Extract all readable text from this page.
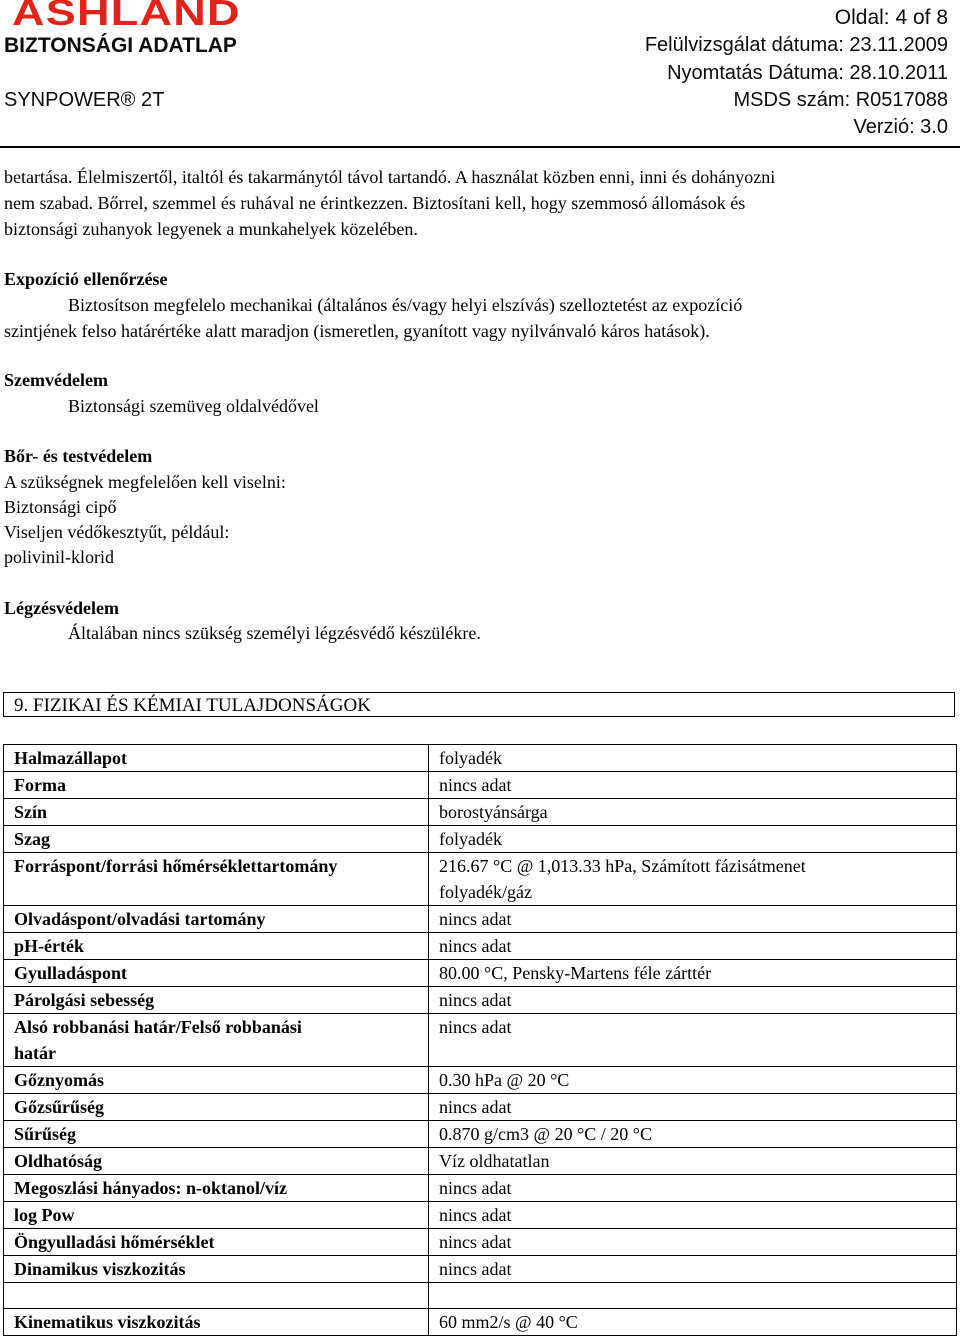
ASHLAND	Oldal: 4 of 8
BIZTONSÁGI ADATLAP	Felülvizsgálat dátuma: 23.11.2009
Nyomtatás Dátuma: 28.10.2011
SYNPOWER® 2T	MSDS szám: R0517088
Verzió: 3.0
betartása. Élelmiszertől, italtól és takarmánytól távol tartandó. A használat közben enni, inni és dohányozni
nem szabad. Bőrrel, szemmel és ruhával ne érintkezzen. Biztosítani kell, hogy szemmosó állomások és
biztonsági zuhanyok legyenek a munkahelyek közelében.
Expozíció ellenőrzése
Biztosítson megfelelo mechanikai (általános és/vagy helyi elszívás) szelloztetést az expozíció
szintjének felso határértéke alatt maradjon (ismeretlen, gyanított vagy nyilvánvaló káros hatások).
Szemvédelem
Biztonsági szemüveg oldalvédővel
Bőr- és testvédelem
A szükségnek megfelelően kell viselni:
Biztonsági cipő
Viseljen védőkesztyűt, például:
polivinil-klorid
Légzésvédelem
Általában nincs szükség személyi légzésvédő készülékre.
9. FIZIKAI ÉS KÉMIAI TULAJDONSÁGOK
Halmazállapot	folyadék
Forma	nincs adat
Szín	borostyánsárga
Szag	folyadék
Forráspont/forrási hőmérséklettartomány	216.67 °C @ 1,013.33 hPa, Számított fázisátmenet
folyadék/gáz
Olvadáspont/olvadási tartomány	nincs adat
pH-érték	nincs adat
Gyulladáspont	80.00 °C, Pensky-Martens féle zárttér
Párolgási sebesség	nincs adat
Alsó robbanási határ/Felső robbanási
határ
nincs adat
Gőznyomás	0.30 hPa @ 20 °C
Gőzsűrűség	nincs adat
Sűrűség	0.870 g/cm3 @ 20 °C / 20 °C
Oldhatóság	Víz oldhatatlan
Megoszlási hányados: n-oktanol/víz	nincs adat
log Pow	nincs adat
Öngyulladási hőmérséklet	nincs adat
Dinamikus viszkozitás	nincs adat
Kinematikus viszkozitás	60 mm2/s @ 40 °C
